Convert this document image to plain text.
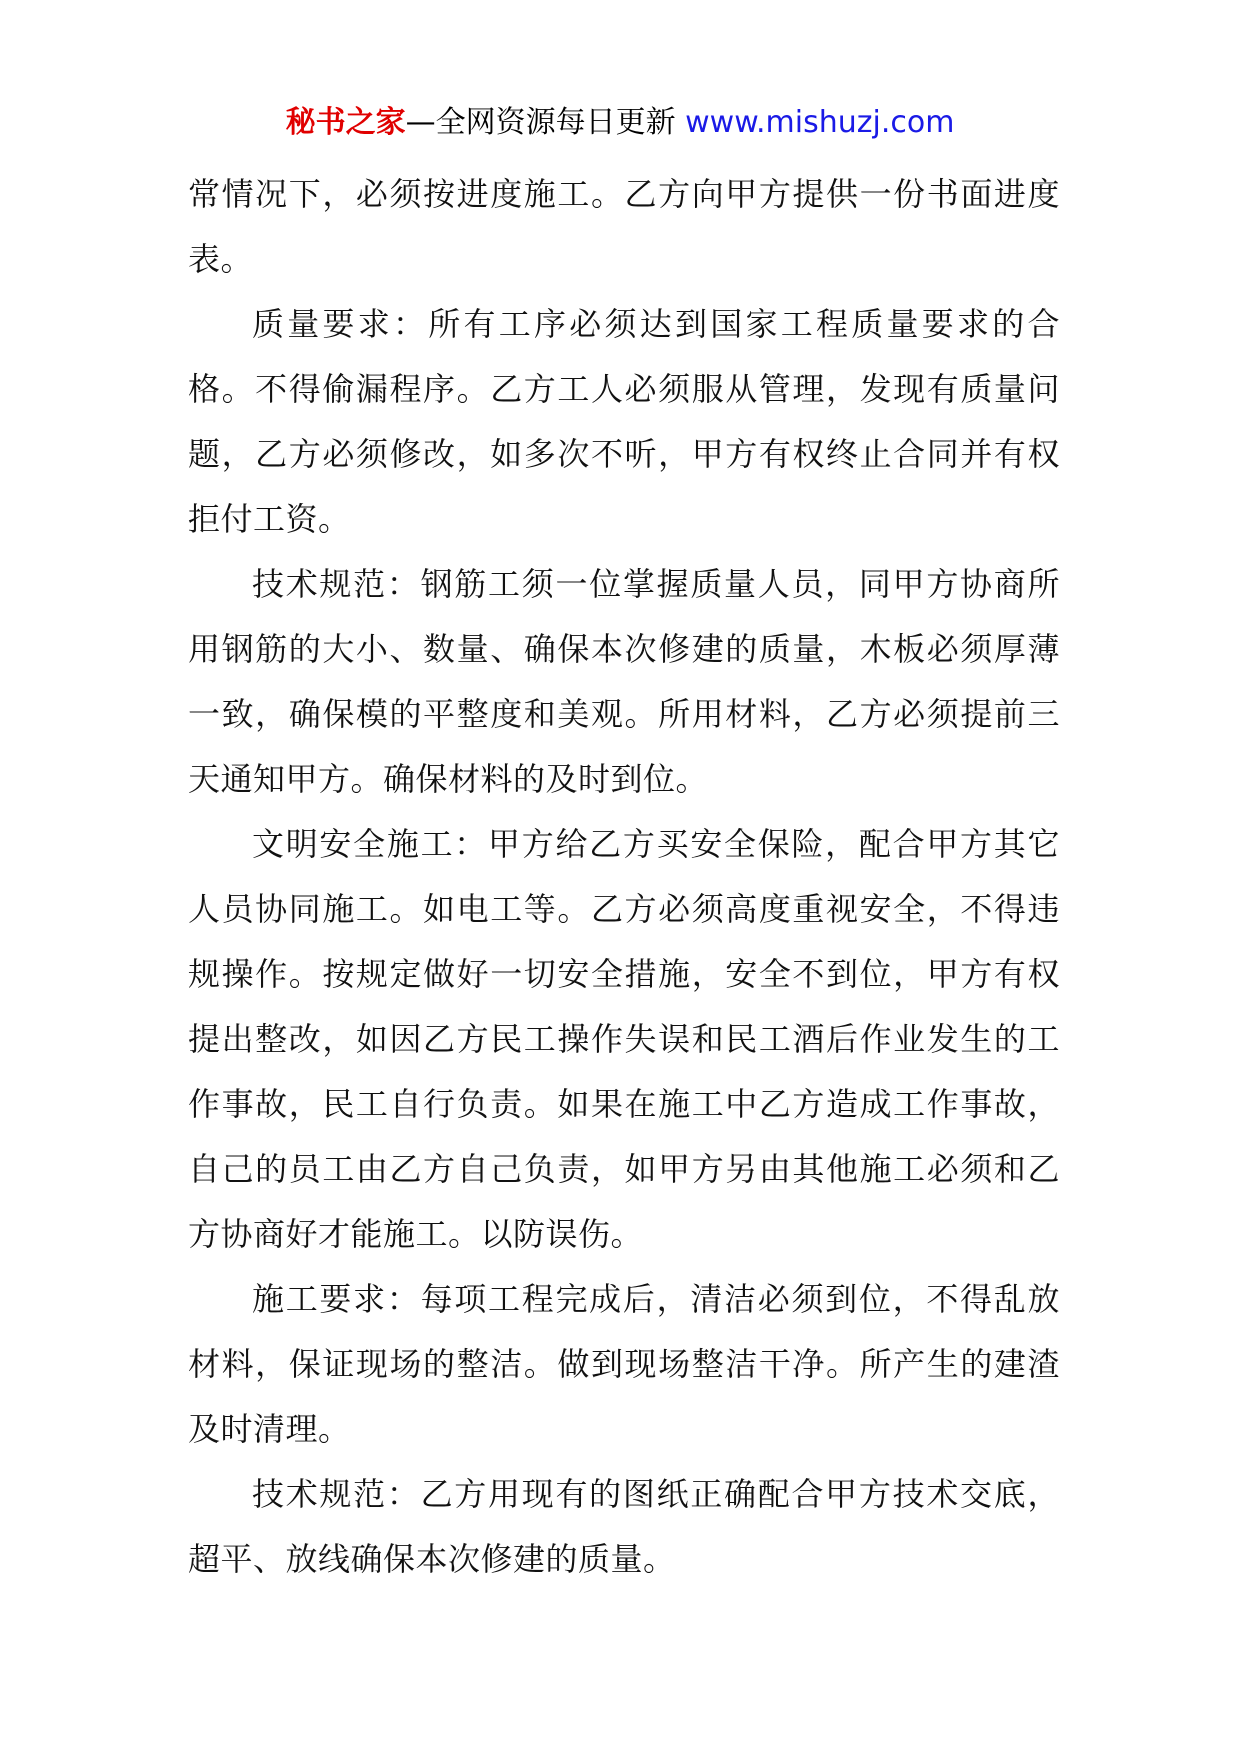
秘书之家—全网资源每日更新 www.mishuzj.com

常情况下，必须按进度施工。乙方向甲方提供一份书面进度表。

质量要求：所有工序必须达到国家工程质量要求的合格。不得偷漏程序。乙方工人必须服从管理，发现有质量问题，乙方必须修改，如多次不听，甲方有权终止合同并有权拒付工资。

技术规范：钢筋工须一位掌握质量人员，同甲方协商所用钢筋的大小、数量、确保本次修建的质量，木板必须厚薄一致，确保模的平整度和美观。所用材料，乙方必须提前三天通知甲方。确保材料的及时到位。

文明安全施工：甲方给乙方买安全保险，配合甲方其它人员协同施工。如电工等。乙方必须高度重视安全，不得违规操作。按规定做好一切安全措施，安全不到位，甲方有权提出整改，如因乙方民工操作失误和民工酒后作业发生的工作事故，民工自行负责。如果在施工中乙方造成工作事故，自己的员工由乙方自己负责，如甲方另由其他施工必须和乙方协商好才能施工。以防误伤。

施工要求：每项工程完成后，清洁必须到位，不得乱放材料，保证现场的整洁。做到现场整洁干净。所产生的建渣及时清理。

技术规范：乙方用现有的图纸正确配合甲方技术交底，超平、放线确保本次修建的质量。
